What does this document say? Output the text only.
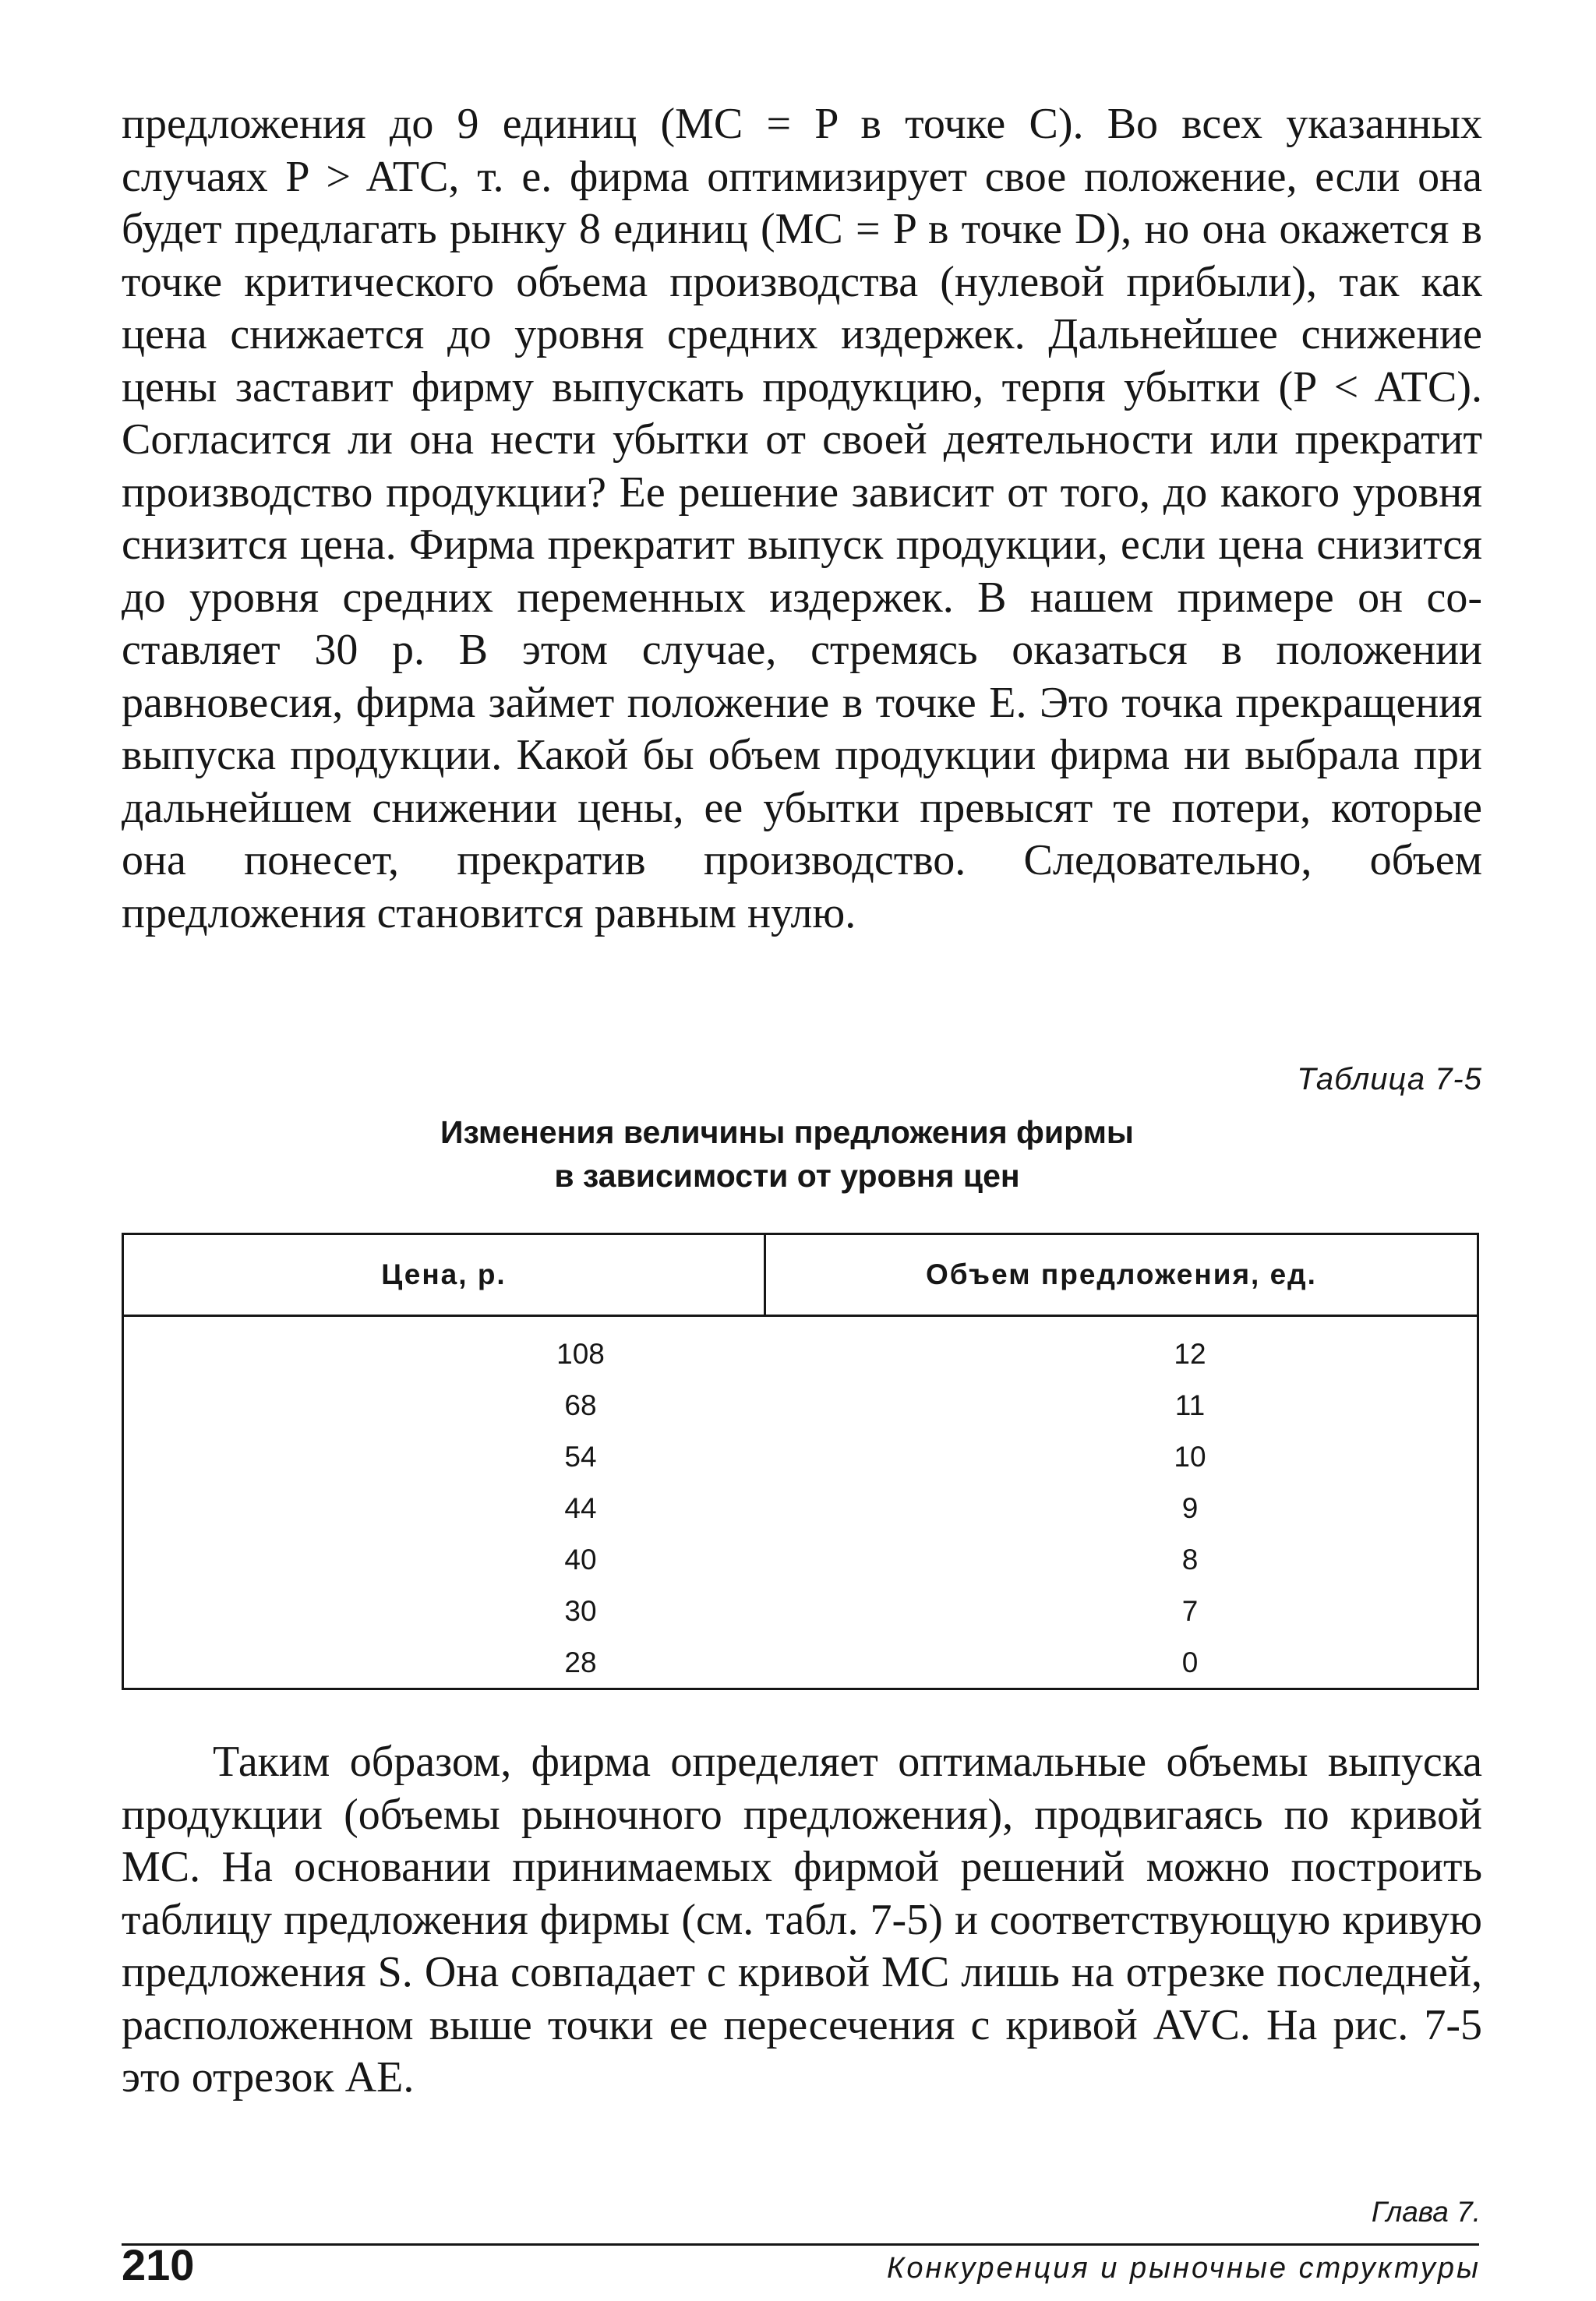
предложения до 9 единиц (MC = P в точке C). Во всех указанных случаях P > ATC, т. е. фирма оптимизирует свое положение, если она будет предлагать рынку 8 единиц (MC = P в точке D), но она окажется в точке критического объема производства (нулевой прибыли), так как цена снижается до уровня средних издержек. Дальнейшее снижение цены заставит фирму выпускать продукцию, терпя убытки (P < ATC). Согласится ли она нести убытки от своей деятельности или прекратит производство продукции? Ее решение зависит от того, до какого уровня снизится цена. Фирма прекратит выпуск продукции, если цена снизится до уровня средних переменных издержек. В нашем примере он составляет 30 р. В этом случае, стремясь оказаться в положении равновесия, фирма займет положение в точке E. Это точка прекращения выпуска продукции. Какой бы объем продукции фирма ни выбрала при дальнейшем снижении цены, ее убытки превысят те потери, которые она понесет, прекратив производство. Следовательно, объем предложения становится равным нулю.

Таблица 7-5
Изменения величины предложения фирмы
в зависимости от уровня цен
Цена, р.	Объем предложения, ед.
108	12
68	11
54	10
44	9
40	8
30	7
28	0

Таким образом, фирма определяет оптимальные объемы выпуска продукции (объемы рыночного предложения), продвигаясь по кривой MC. На основании принимаемых фирмой решений можно построить таблицу предложения фирмы (см. табл. 7-5) и соответствующую кривую предложения S. Она совпадает с кривой MC лишь на отрезке последней, расположенном выше точки ее пересечения с кривой AVC. На рис. 7-5 это отрезок AE.

Глава 7.
210	Конкуренция и рыночные структуры
